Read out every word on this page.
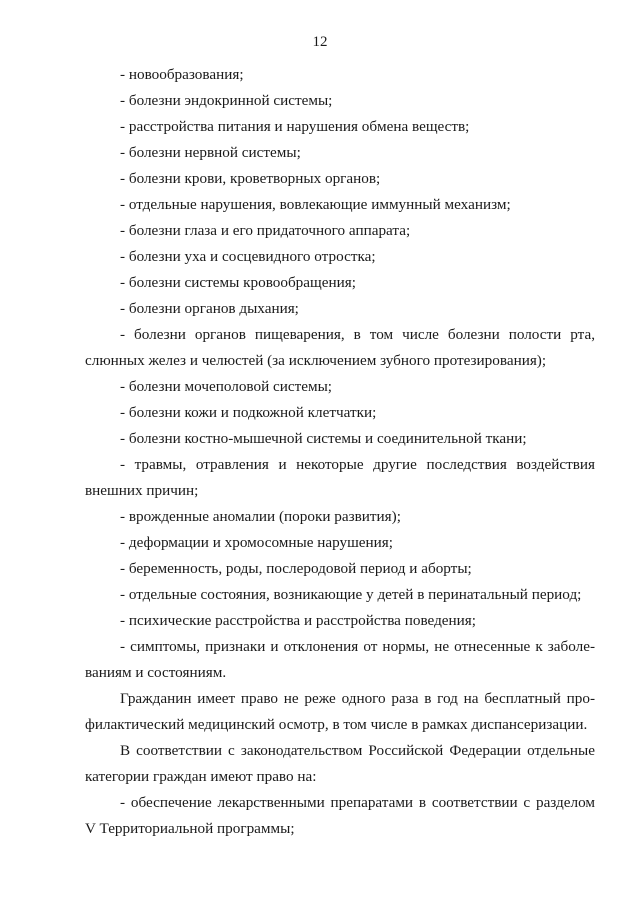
12

- новообразования;

- болезни эндокринной системы;

- расстройства питания и нарушения обмена веществ;

- болезни нервной системы;

- болезни крови, кроветворных органов;

- отдельные нарушения, вовлекающие иммунный механизм;

- болезни глаза и его придаточного аппарата;

- болезни уха и сосцевидного отростка;

- болезни системы кровообращения;

- болезни органов дыхания;

- болезни органов пищеварения, в том числе болезни полости рта, слюнных желез и челюстей (за исключением зубного протезирования);

- болезни мочеполовой системы;

- болезни кожи и подкожной клетчатки;

- болезни костно-мышечной системы и соединительной ткани;

- травмы, отравления и некоторые другие последствия воздействия внешних причин;

- врожденные аномалии (пороки развития);

- деформации и хромосомные нарушения;

- беременность, роды, послеродовой период и аборты;

- отдельные состояния, возникающие у детей в перинатальный период;

- психические расстройства и расстройства поведения;

- симптомы, признаки и отклонения от нормы, не отнесенные к заболе-ваниям и состояниям.

Гражданин имеет право не реже одного раза в год на бесплатный про-филактический медицинский осмотр, в том числе в рамках диспансеризации.

В соответствии с законодательством Российской Федерации отдельные категории граждан имеют право на:

- обеспечение лекарственными препаратами в соответствии с разделом V Территориальной программы;
